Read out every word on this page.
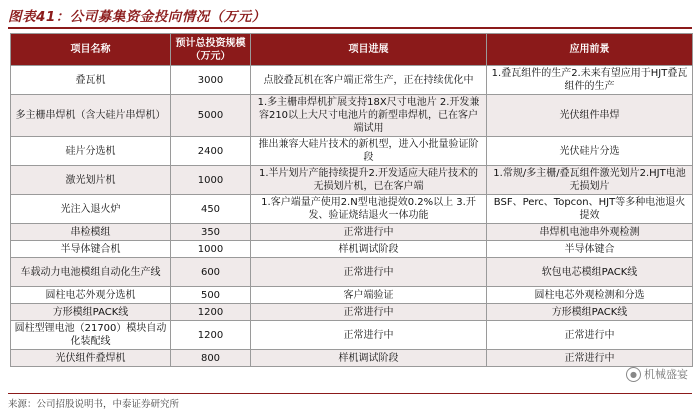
图表41：公司募集资金投向情况（万元）
项目名称	预计总投资规模（万元）	项目进展	应用前景
叠瓦机	3000	点胶叠瓦机在客户端正常生产，正在持续优化中	1.叠瓦组件的生产2.未来有望应用于HJT叠瓦组件的生产
多主栅串焊机（含大硅片串焊机）	5000	1.多主栅串焊机扩展支持18X尺寸电池片 2.开发兼容210以上大尺寸电池片的新型串焊机，已在客户端试用	光伏组件串焊
硅片分选机	2400	推出兼容大硅片技术的新机型，进入小批量验证阶段	光伏硅片分选
激光划片机	1000	1.半片划片产能持续提升2.开发适应大硅片技术的无损划片机，已在客户端	1.常规/多主栅/叠瓦组件激光划片2.HJT电池无损划片
光注入退火炉	450	1.客户端量产使用2.N型电池提效0.2%以上 3.开发、验证烧结退火一体功能	BSF、Perc、Topcon、HJT等多种电池退火提效
串检模组	350	正常进行中	串焊机电池串外观检测
半导体键合机	1000	样机调试阶段	半导体键合
车载动力电池模组自动化生产线	600	正常进行中	软包电芯模组PACK线
圆柱电芯外观分选机	500	客户端验证	圆柱电芯外观检测和分选
方形模组PACK线	1200	正常进行中	方形模组PACK线
圆柱型锂电池（21700）模块自动化装配线	1200	正常进行中	正常进行中
光伏组件叠焊机	800	样机调试阶段	正常进行中
● 机械盛宴
来源：公司招股说明书，中泰证券研究所
